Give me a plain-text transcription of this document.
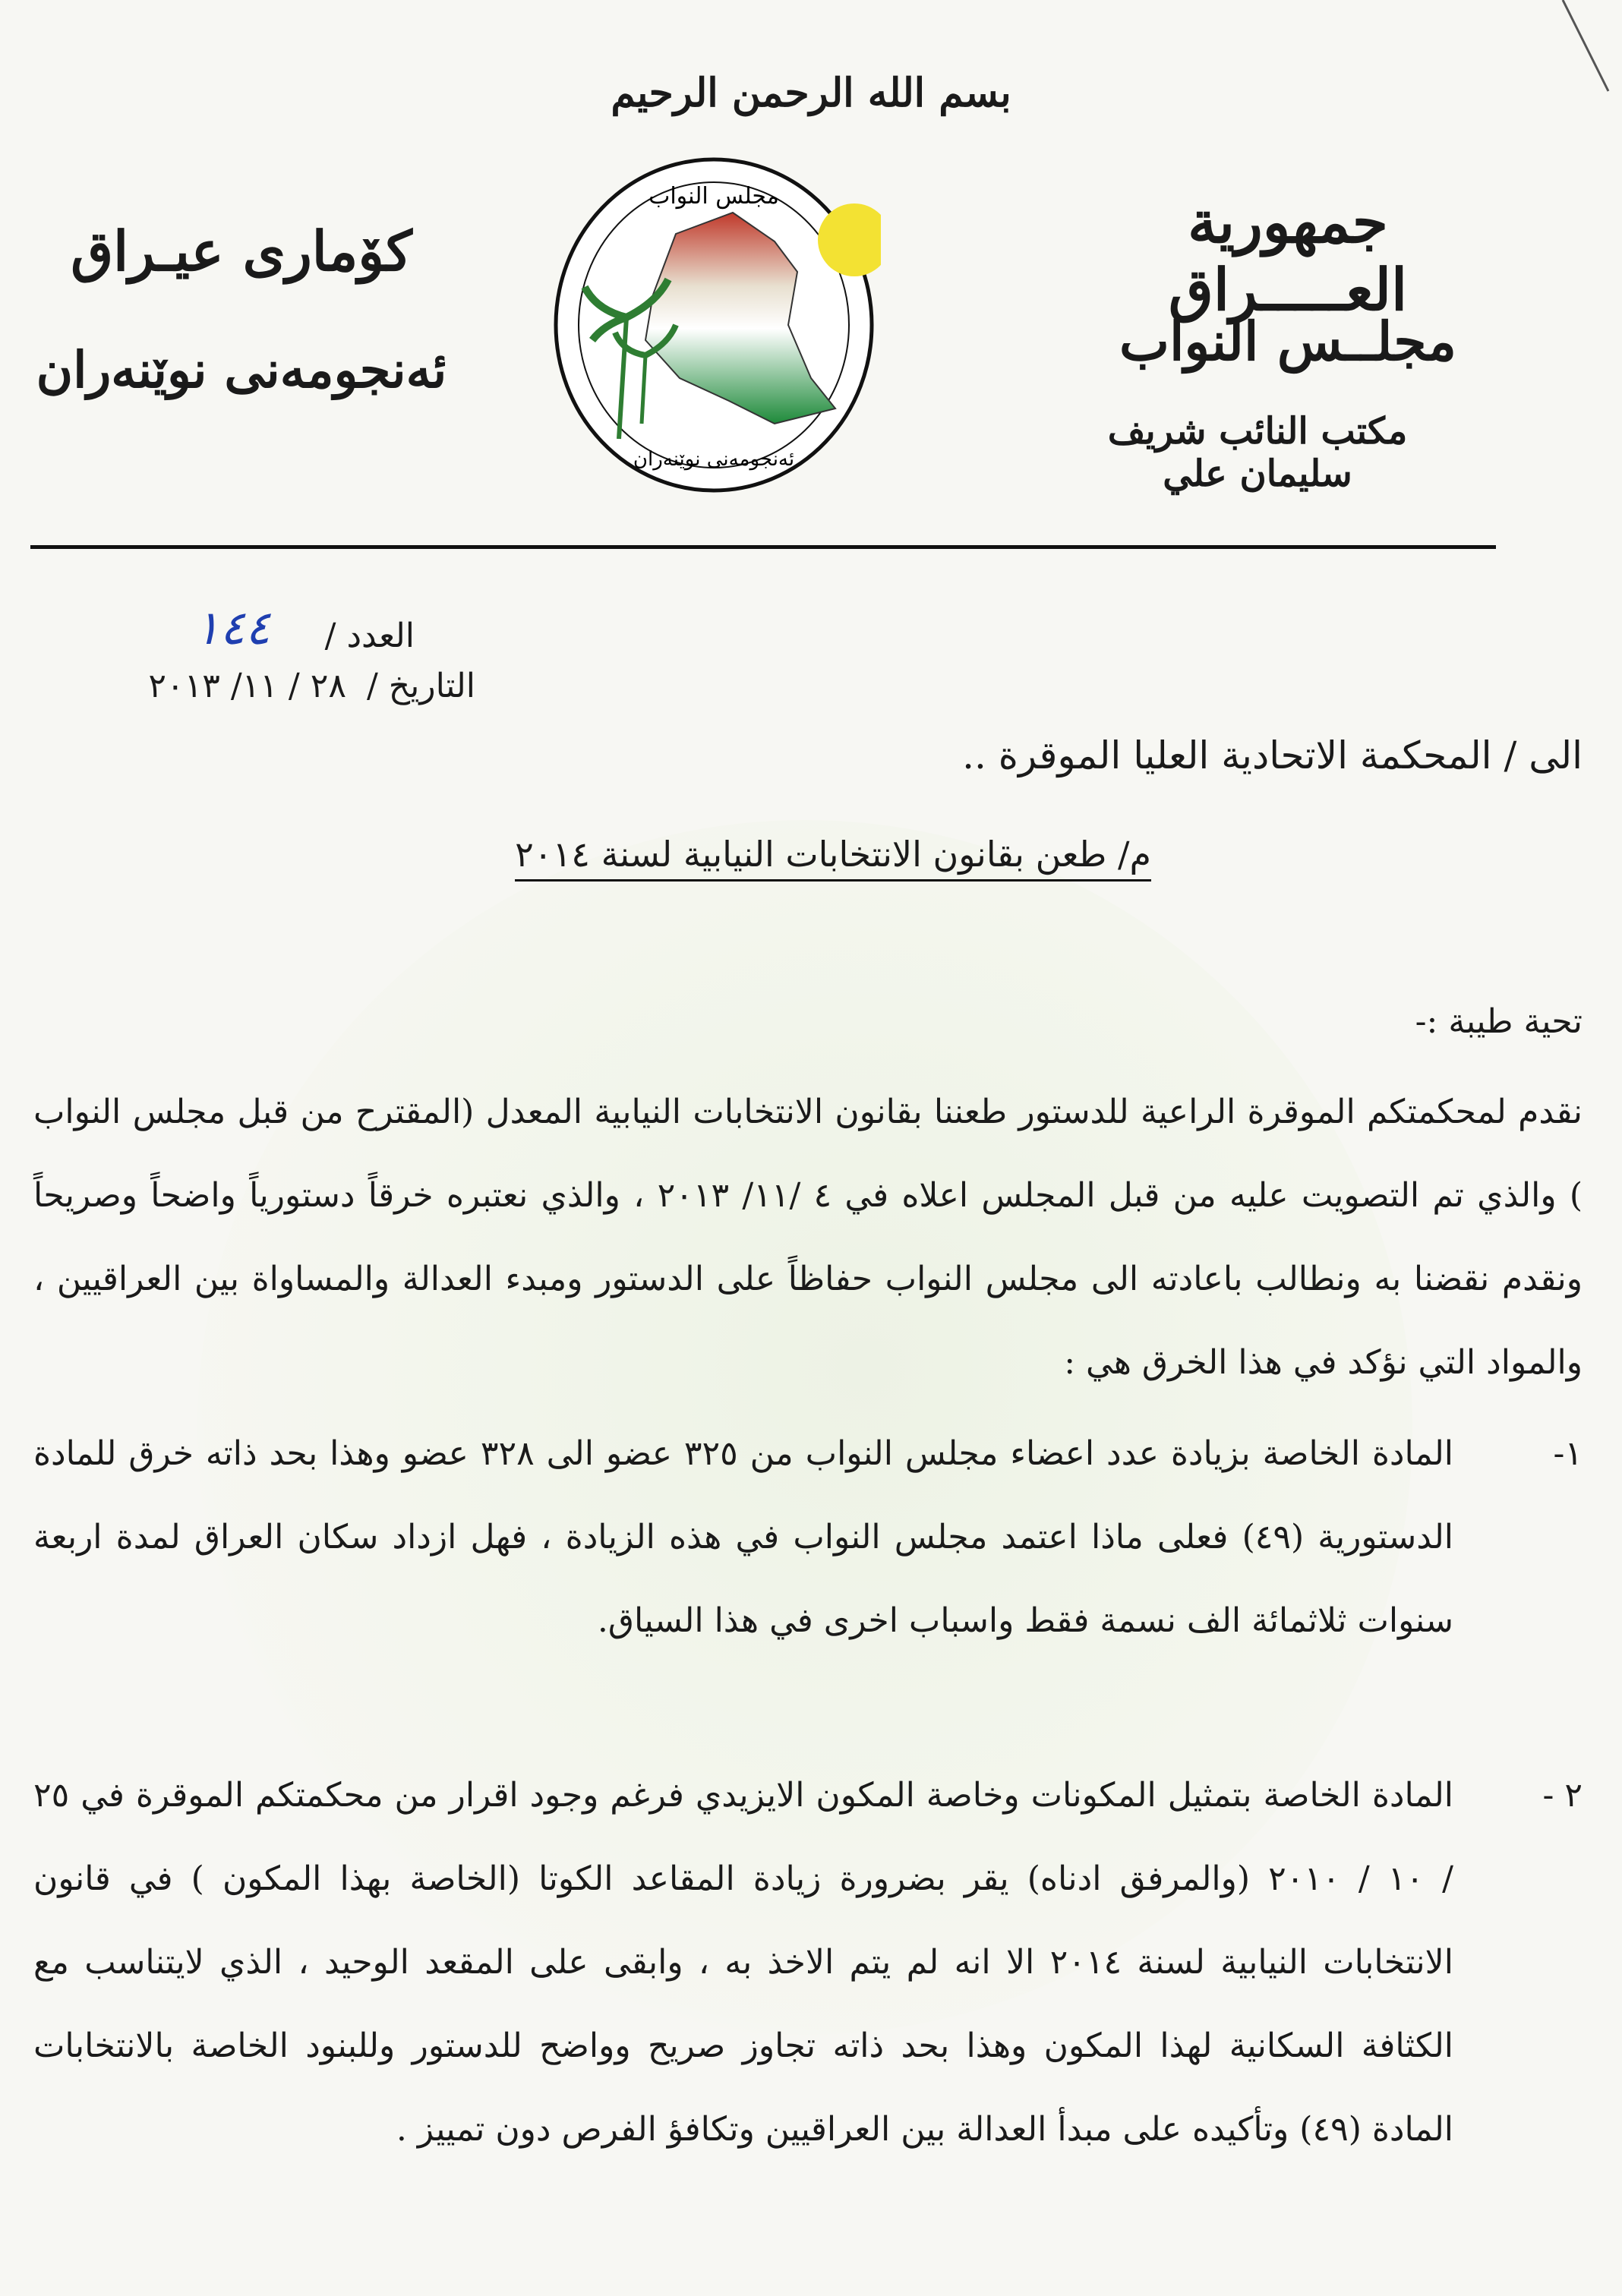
بسم الله الرحمن الرحيم
جمهورية العـــــراق
مجلــس النواب
مكتب النائب شريف سليمان علي
كۆمارى عيـﺮاق
ئەنجومەنى نوێنەران
مجلس النواب
ئەنجومەنى نوێنەران
العدد /
١٤٤
التاريخ /
٢٨ / ١١/ ٢٠١٣
الى / المحكمة الاتحادية العليا الموقرة ..
م/ طعن بقانون الانتخابات النيابية لسنة ٢٠١٤
تحية طيبة :-
نقدم لمحكمتكم الموقرة الراعية للدستور طعننا بقانون الانتخابات النيابية المعدل (المقترح من قبل مجلس النواب ) والذي تم التصويت عليه من قبل المجلس اعلاه في ٤ /١١/ ٢٠١٣ ، والذي نعتبره خرقاً دستورياً واضحاً وصريحاً ونقدم نقضنا به ونطالب باعادته الى مجلس النواب حفاظاً على الدستور ومبدء العدالة والمساواة بين العراقيين ، والمواد التي نؤكد في هذا الخرق هي :
١-
المادة الخاصة بزيادة عدد اعضاء مجلس النواب من ٣٢٥ عضو الى ٣٢٨ عضو وهذا بحد ذاته خرق للمادة الدستورية (٤٩) فعلى ماذا اعتمد مجلس النواب في هذه الزيادة ، فهل ازداد سكان العراق لمدة اربعة سنوات ثلاثمائة الف نسمة فقط واسباب اخرى في هذا السياق.
٢ -
المادة الخاصة بتمثيل المكونات وخاصة المكون الايزيدي فرغم وجود اقرار من محكمتكم الموقرة في ٢٥ / ١٠ / ٢٠١٠ (والمرفق ادناه) يقر بضرورة زيادة المقاعد الكوتا (الخاصة بهذا المكون ) في قانون الانتخابات النيابية لسنة ٢٠١٤ الا انه لم يتم الاخذ به ، وابقى على المقعد الوحيد ، الذي لايتناسب مع الكثافة السكانية لهذا المكون وهذا بحد ذاته تجاوز صريح وواضح للدستور وللبنود الخاصة بالانتخابات المادة (٤٩) وتأكيده على مبدأ العدالة بين العراقيين وتكافؤ الفرص دون تمييز .
